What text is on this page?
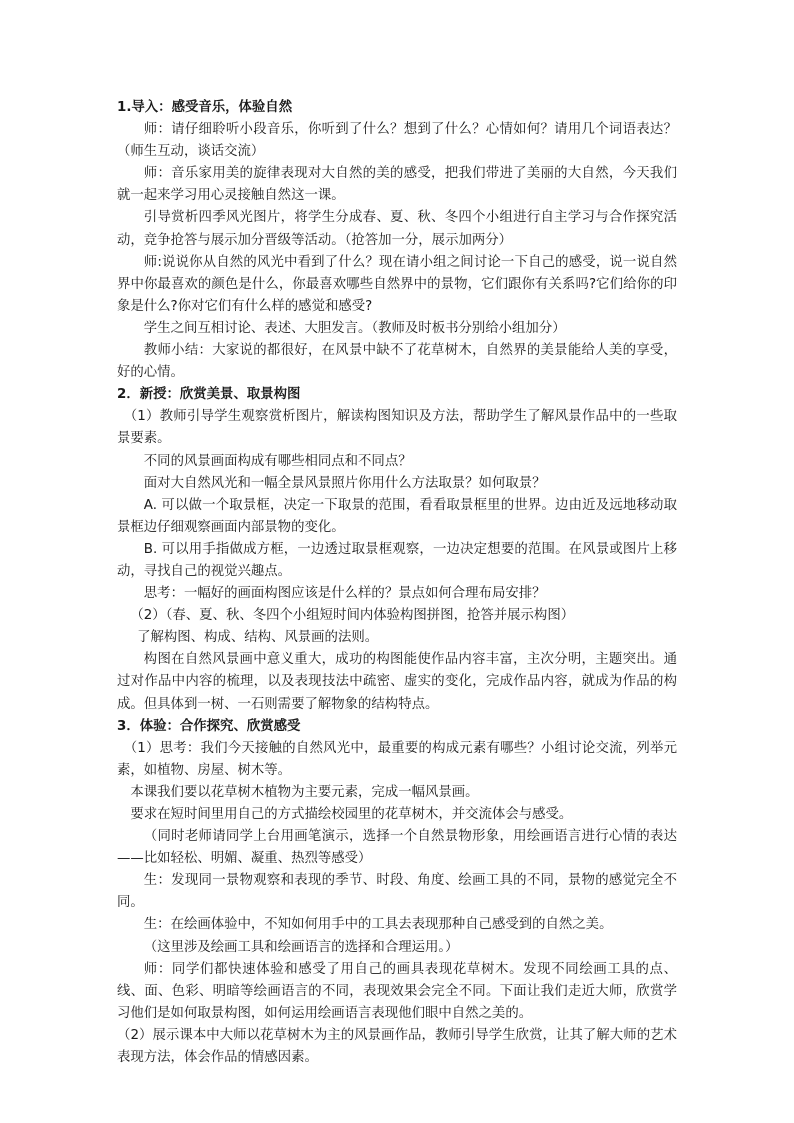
1.导入：感受音乐，体验自然

师：请仔细聆听小段音乐，你听到了什么？想到了什么？心情如何？请用几个词语表达？（师生互动，谈话交流）

师：音乐家用美的旋律表现对大自然的美的感受，把我们带进了美丽的大自然，今天我们就一起来学习用心灵接触自然这一课。

引导赏析四季风光图片，将学生分成春、夏、秋、冬四个小组进行自主学习与合作探究活动，竞争抢答与展示加分晋级等活动。（抢答加一分，展示加两分）

师:说说你从自然的风光中看到了什么？现在请小组之间讨论一下自己的感受，说一说自然界中你最喜欢的颜色是什么，你最喜欢哪些自然界中的景物，它们跟你有关系吗?它们给你的印象是什么?你对它们有什么样的感觉和感受?

学生之间互相讨论、表述、大胆发言。（教师及时板书分别给小组加分）

教师小结：大家说的都很好，在风景中缺不了花草树木，自然界的美景能给人美的享受，好的心情。

2．新授：欣赏美景、取景构图

（1）教师引导学生观察赏析图片，解读构图知识及方法，帮助学生了解风景作品中的一些取景要素。

不同的风景画面构成有哪些相同点和不同点？

面对大自然风光和一幅全景风景照片你用什么方法取景？如何取景？

A. 可以做一个取景框，决定一下取景的范围，看看取景框里的世界。边由近及远地移动取景框边仔细观察画面内部景物的变化。

B. 可以用手指做成方框，一边透过取景框观察，一边决定想要的范围。在风景或图片上移动，寻找自己的视觉兴趣点。

思考：一幅好的画面构图应该是什么样的？景点如何合理布局安排？

（2）（春、夏、秋、冬四个小组短时间内体验构图拼图，抢答并展示构图）

了解构图、构成、结构、风景画的法则。

构图在自然风景画中意义重大，成功的构图能使作品内容丰富，主次分明，主题突出。通过对作品中内容的梳理，以及表现技法中疏密、虚实的变化，完成作品内容，就成为作品的构成。但具体到一树、一石则需要了解物象的结构特点。

3．体验：合作探究、欣赏感受

（1）思考：我们今天接触的自然风光中，最重要的构成元素有哪些？小组讨论交流，列举元素，如植物、房屋、树木等。

本课我们要以花草树木植物为主要元素，完成一幅风景画。

要求在短时间里用自己的方式描绘校园里的花草树木，并交流体会与感受。

（同时老师请同学上台用画笔演示，选择一个自然景物形象，用绘画语言进行心情的表达——比如轻松、明媚、凝重、热烈等感受）

生：发现同一景物观察和表现的季节、时段、角度、绘画工具的不同，景物的感觉完全不同。

生：在绘画体验中，不知如何用手中的工具去表现那种自己感受到的自然之美。

（这里涉及绘画工具和绘画语言的选择和合理运用。）

师：同学们都快速体验和感受了用自己的画具表现花草树木。发现不同绘画工具的点、线、面、色彩、明暗等绘画语言的不同，表现效果会完全不同。下面让我们走近大师，欣赏学习他们是如何取景构图，如何运用绘画语言表现他们眼中自然之美的。

（2）展示课本中大师以花草树木为主的风景画作品，教师引导学生欣赏，让其了解大师的艺术表现方法，体会作品的情感因素。
